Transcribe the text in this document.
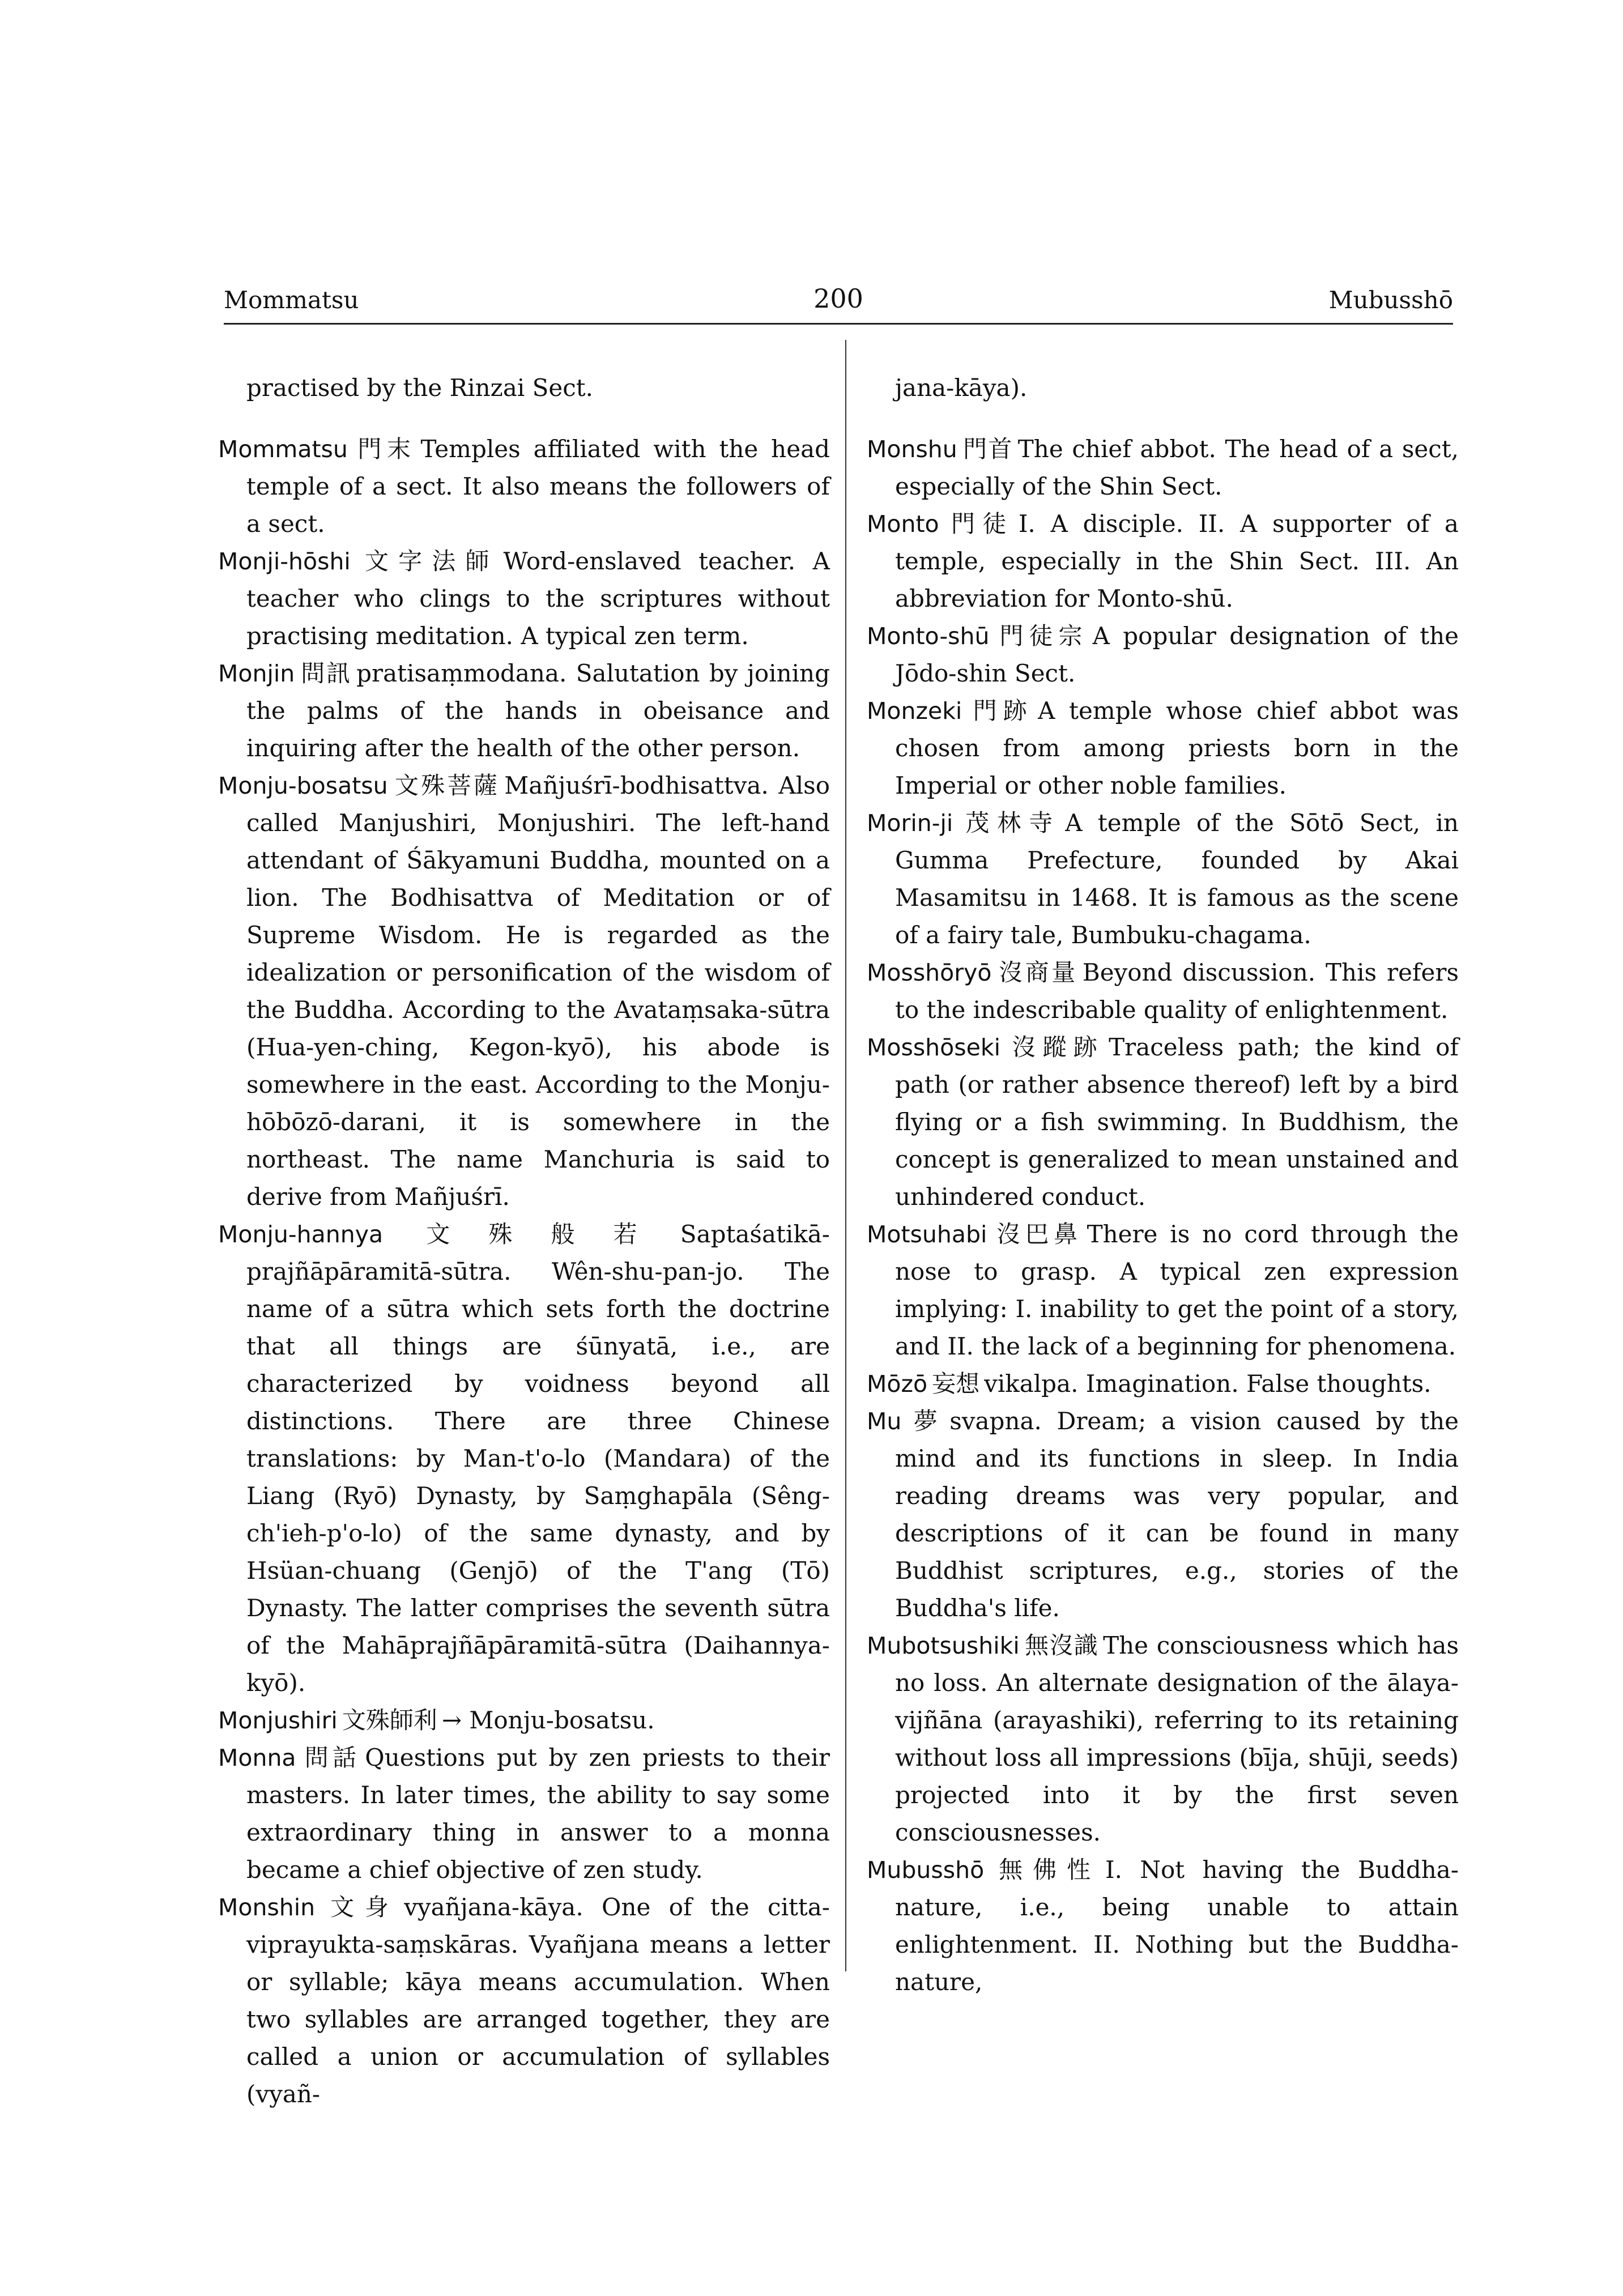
Mommatsu	200	Mubusshō

practised by the Rinzai Sect.

Mommatsu 門末 Temples affiliated with the head temple of a sect. It also means the followers of a sect.

Monji-hōshi 文字法師 Word-enslaved teacher. A teacher who clings to the scriptures without practising meditation. A typical zen term.

Monjin 問訊 pratisaṃmodana. Salutation by joining the palms of the hands in obeisance and inquiring after the health of the other person.

Monju-bosatsu 文殊菩薩 Mañjuśrī-bodhisattva. Also called Manjushiri, Monjushiri. The left-hand attendant of Śākyamuni Buddha, mounted on a lion. The Bodhisattva of Meditation or of Supreme Wisdom. He is regarded as the idealization or personification of the wisdom of the Buddha. According to the Avataṃsaka-sūtra (Hua-yen-ching, Kegon-kyō), his abode is somewhere in the east. According to the Monju-hōbōzō-darani, it is somewhere in the northeast. The name Manchuria is said to derive from Mañjuśrī.

Monju-hannya 文殊般若 Saptaśatikā-prajñāpāramitā-sūtra. Wên-shu-pan-jo. The name of a sūtra which sets forth the doctrine that all things are śūnyatā, i.e., are characterized by voidness beyond all distinctions. There are three Chinese translations: by Man-t'o-lo (Mandara) of the Liang (Ryō) Dynasty, by Saṃghapāla (Sêng-ch'ieh-p'o-lo) of the same dynasty, and by Hsüan-chuang (Genjō) of the T'ang (Tō) Dynasty. The latter comprises the seventh sūtra of the Mahāprajñāpāramitā-sūtra (Daihannya-kyō).

Monjushiri 文殊師利 → Monju-bosatsu.

Monna 問話 Questions put by zen priests to their masters. In later times, the ability to say some extraordinary thing in answer to a monna became a chief objective of zen study.

Monshin 文身 vyañjana-kāya. One of the citta-viprayukta-saṃskāras. Vyañjana means a letter or syllable; kāya means accumulation. When two syllables are arranged together, they are called a union or accumulation of syllables (vyañ-

jana-kāya).

Monshu 門首 The chief abbot. The head of a sect, especially of the Shin Sect.

Monto 門徒 I. A disciple. II. A supporter of a temple, especially in the Shin Sect. III. An abbreviation for Monto-shū.

Monto-shū 門徒宗 A popular designation of the Jōdo-shin Sect.

Monzeki 門跡 A temple whose chief abbot was chosen from among priests born in the Imperial or other noble families.

Morin-ji 茂林寺 A temple of the Sōtō Sect, in Gumma Prefecture, founded by Akai Masamitsu in 1468. It is famous as the scene of a fairy tale, Bumbuku-chagama.

Mosshōryō 沒商量 Beyond discussion. This refers to the indescribable quality of enlightenment.

Mosshōseki 沒蹤跡 Traceless path; the kind of path (or rather absence thereof) left by a bird flying or a fish swimming. In Buddhism, the concept is generalized to mean unstained and unhindered conduct.

Motsuhabi 沒巴鼻 There is no cord through the nose to grasp. A typical zen expression implying: I. inability to get the point of a story, and II. the lack of a beginning for phenomena.

Mōzō 妄想 vikalpa. Imagination. False thoughts.

Mu 夢 svapna. Dream; a vision caused by the mind and its functions in sleep. In India reading dreams was very popular, and descriptions of it can be found in many Buddhist scriptures, e.g., stories of the Buddha's life.

Mubotsushiki 無沒識 The consciousness which has no loss. An alternate designation of the ālaya-vijñāna (arayashiki), referring to its retaining without loss all impressions (bīja, shūji, seeds) projected into it by the first seven consciousnesses.

Mubusshō 無佛性 I. Not having the Buddha-nature, i.e., being unable to attain enlightenment. II. Nothing but the Buddha-nature,
